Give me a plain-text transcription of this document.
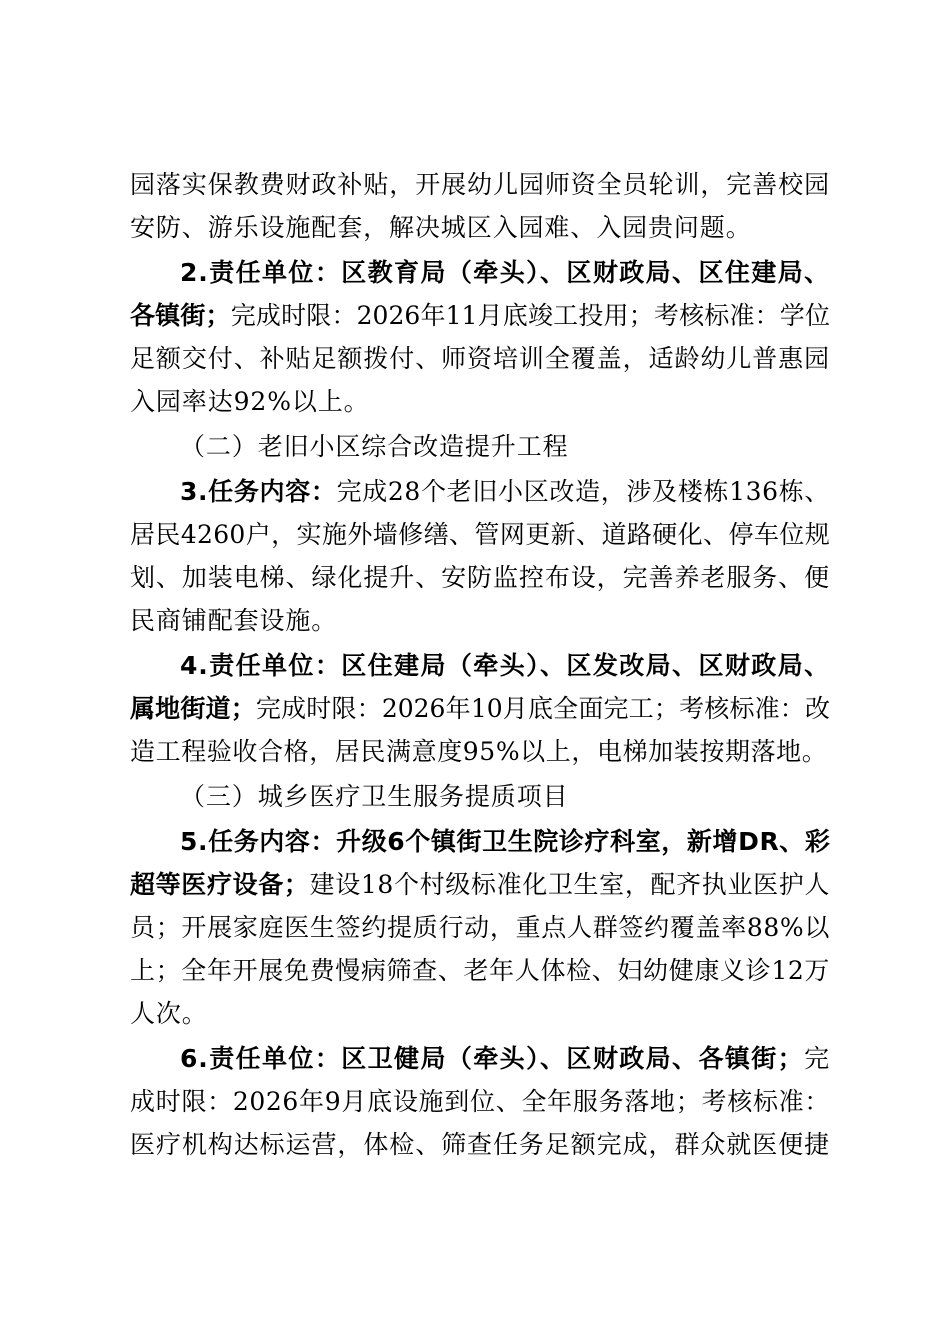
园落实保教费财政补贴，开展幼儿园师资全员轮训，完善校园
安防、游乐设施配套，解决城区入园难、入园贵问题。
2.责任单位：区教育局（牵头）、区财政局、区住建局、
各镇街；完成时限：2026年11月底竣工投用；考核标准：学位
足额交付、补贴足额拨付、师资培训全覆盖，适龄幼儿普惠园
入园率达92%以上。
（二）老旧小区综合改造提升工程
3.任务内容：完成28个老旧小区改造，涉及楼栋136栋、
居民4260户，实施外墙修缮、管网更新、道路硬化、停车位规
划、加装电梯、绿化提升、安防监控布设，完善养老服务、便
民商铺配套设施。
4.责任单位：区住建局（牵头）、区发改局、区财政局、
属地街道；完成时限：2026年10月底全面完工；考核标准：改
造工程验收合格，居民满意度95%以上，电梯加装按期落地。
（三）城乡医疗卫生服务提质项目
5.任务内容：升级6个镇街卫生院诊疗科室，新增DR、彩
超等医疗设备；建设18个村级标准化卫生室，配齐执业医护人
员；开展家庭医生签约提质行动，重点人群签约覆盖率88%以
上；全年开展免费慢病筛查、老年人体检、妇幼健康义诊12万
人次。
6.责任单位：区卫健局（牵头）、区财政局、各镇街；完
成时限：2026年9月底设施到位、全年服务落地；考核标准：
医疗机构达标运营，体检、筛查任务足额完成，群众就医便捷
